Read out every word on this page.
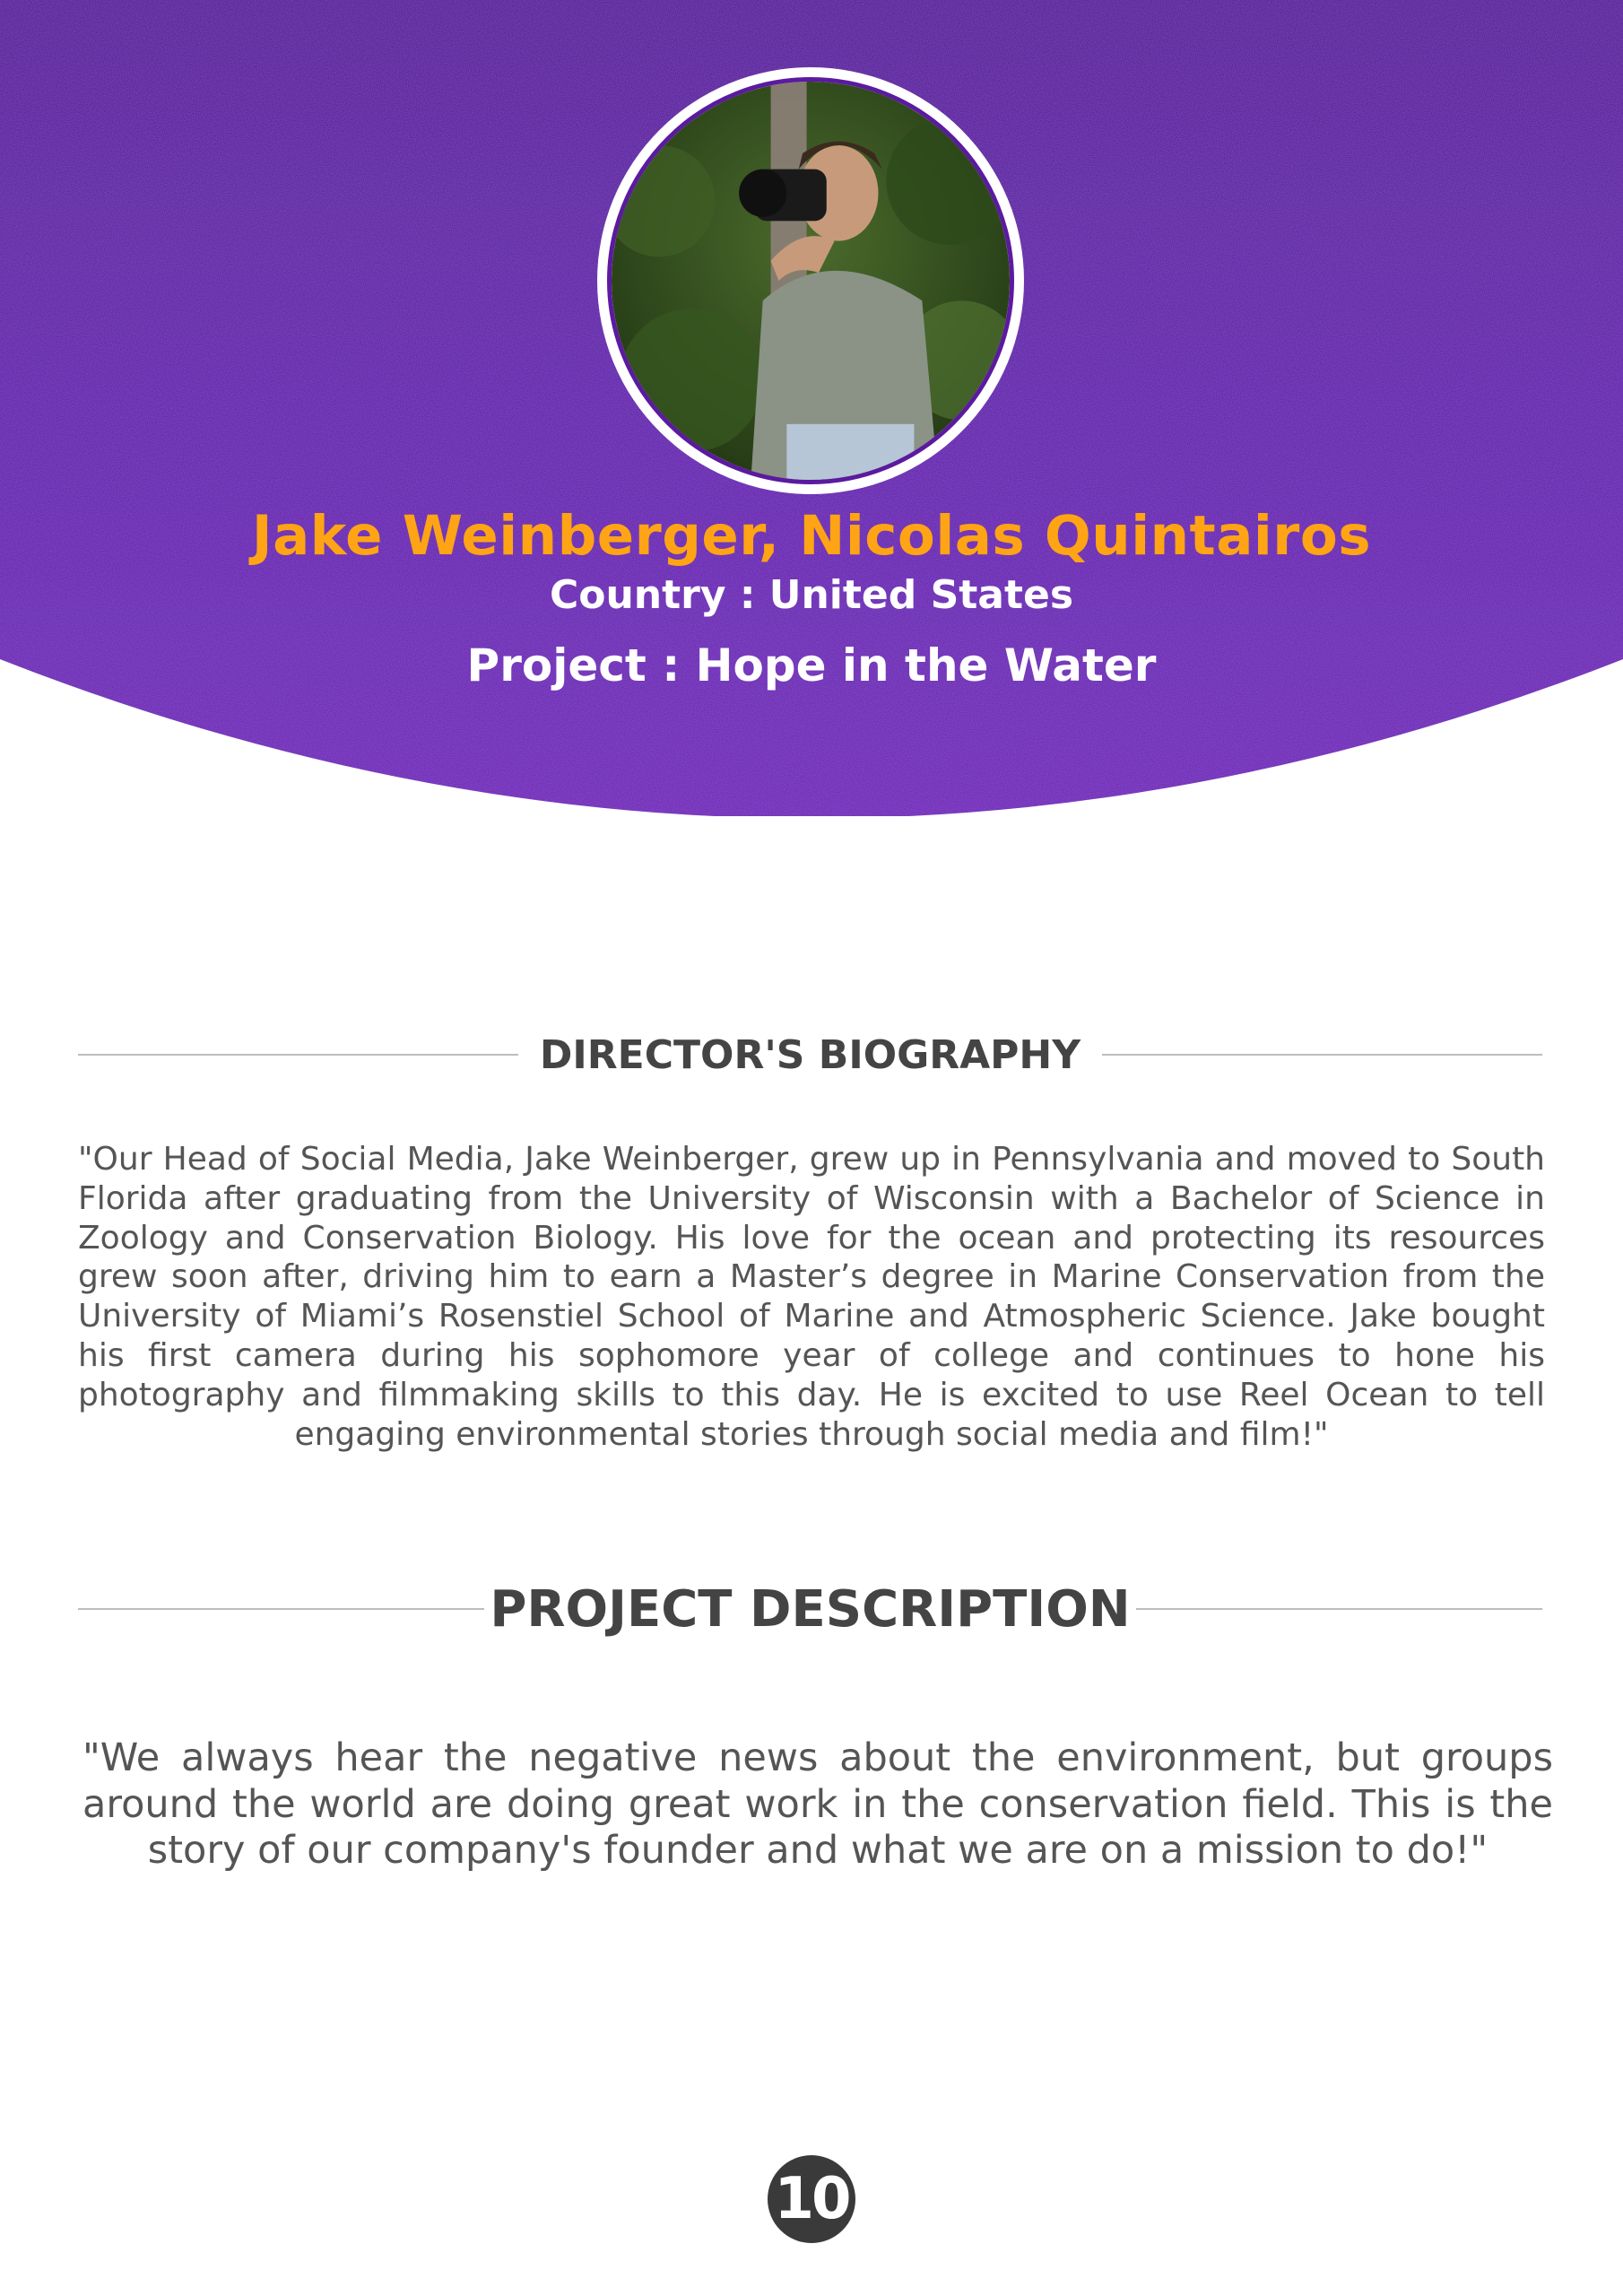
Jake Weinberger, Nicolas Quintairos
Country : United States
Project : Hope in the Water
DIRECTOR'S BIOGRAPHY
"Our Head of Social Media, Jake Weinberger, grew up in Pennsylvania and moved to South Florida after graduating from the University of Wisconsin with a Bachelor of Science in Zoology and Conservation Biology. His love for the ocean and protecting its resources grew soon after, driving him to earn a Master’s degree in Marine Conservation from the University of Miami’s Rosenstiel School of Marine and Atmospheric Science. Jake bought his first camera during his sophomore year of college and continues to hone his photography and filmmaking skills to this day. He is excited to use Reel Ocean to tell engaging environmental stories through social media and film!"
PROJECT DESCRIPTION
"We always hear the negative news about the environment, but groups around the world are doing great work in the conservation field. This is the story of our company's founder and what we are on a mission to do!"
10
